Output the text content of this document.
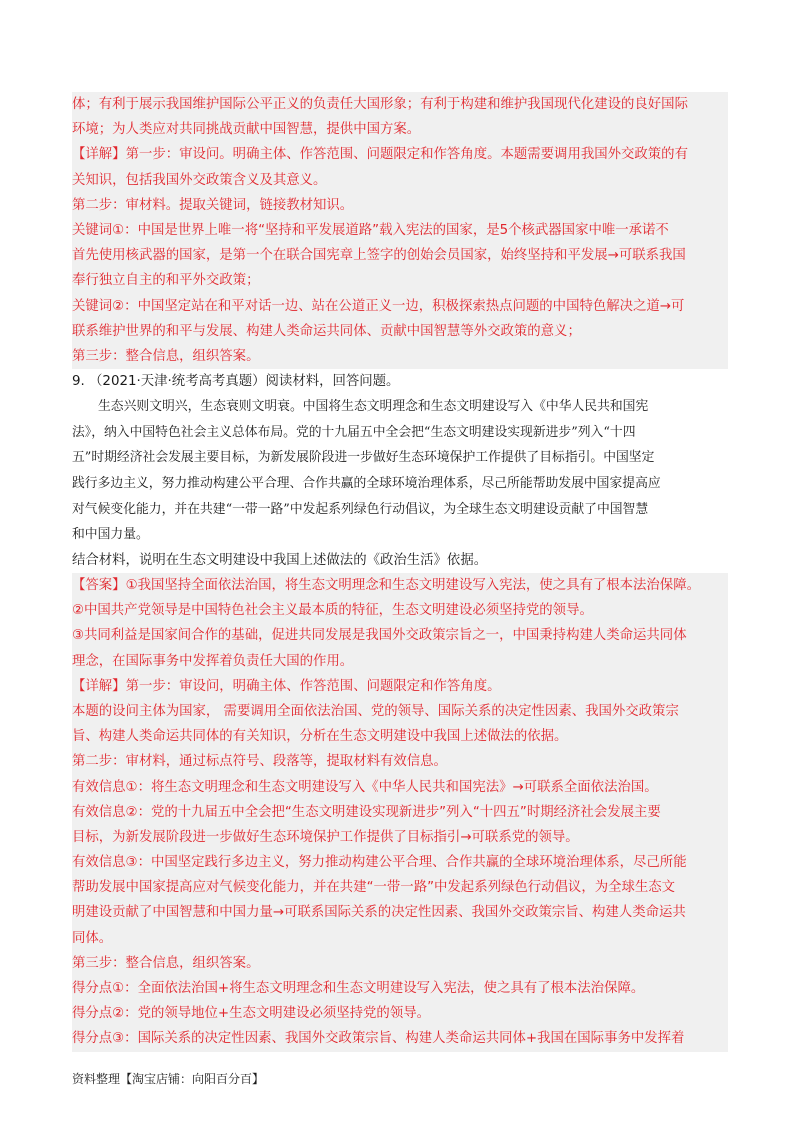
体；有利于展示我国维护国际公平正义的负责任大国形象；有利于构建和维护我国现代化建设的良好国际
环境；为人类应对共同挑战贡献中国智慧，提供中国方案。
【详解】第一步：审设问。明确主体、作答范围、问题限定和作答角度。本题需要调用我国外交政策的有
关知识，包括我国外交政策含义及其意义。
第二步：审材料。提取关键词，链接教材知识。
关键词①：中国是世界上唯一将“坚持和平发展道路”载入宪法的国家，是5个核武器国家中唯一承诺不
首先使用核武器的国家，是第一个在联合国宪章上签字的创始会员国家，始终坚持和平发展→可联系我国
奉行独立自主的和平外交政策；
关键词②：中国坚定站在和平对话一边、站在公道正义一边，积极探索热点问题的中国特色解决之道→可
联系维护世界的和平与发展、构建人类命运共同体、贡献中国智慧等外交政策的意义；
第三步：整合信息，组织答案。
9. （2021·天津·统考高考真题）阅读材料，回答问题。
生态兴则文明兴，生态衰则文明衰。中国将生态文明理念和生态文明建设写入《中华人民共和国宪
法》，纳入中国特色社会主义总体布局。党的十九届五中全会把“生态文明建设实现新进步”列入“十四
五”时期经济社会发展主要目标，为新发展阶段进一步做好生态环境保护工作提供了目标指引。中国坚定
践行多边主义，努力推动构建公平合理、合作共赢的全球环境治理体系，尽己所能帮助发展中国家提高应
对气候变化能力，并在共建“一带一路”中发起系列绿色行动倡议，为全球生态文明建设贡献了中国智慧
和中国力量。
结合材料，说明在生态文明建设中我国上述做法的《政治生活》依据。
【答案】①我国坚持全面依法治国，将生态文明理念和生态文明建设写入宪法，使之具有了根本法治保障。
②中国共产党领导是中国特色社会主义最本质的特征，生态文明建设必须坚持党的领导。
③共同利益是国家间合作的基础，促进共同发展是我国外交政策宗旨之一，中国秉持构建人类命运共同体
理念，在国际事务中发挥着负责任大国的作用。
【详解】第一步：审设问，明确主体、作答范围、问题限定和作答角度。
本题的设问主体为国家， 需要调用全面依法治国、党的领导、国际关系的决定性因素、我国外交政策宗
旨、构建人类命运共同体的有关知识，分析在生态文明建设中我国上述做法的依据。
第二步：审材料，通过标点符号、段落等，提取材料有效信息。
有效信息①：将生态文明理念和生态文明建设写入《中华人民共和国宪法》→可联系全面依法治国。
有效信息②：党的十九届五中全会把“生态文明建设实现新进步”列入“十四五”时期经济社会发展主要
目标，为新发展阶段进一步做好生态环境保护工作提供了目标指引→可联系党的领导。
有效信息③：中国坚定践行多边主义，努力推动构建公平合理、合作共赢的全球环境治理体系，尽己所能
帮助发展中国家提高应对气候变化能力，并在共建“一带一路”中发起系列绿色行动倡议，为全球生态文
明建设贡献了中国智慧和中国力量→可联系国际关系的决定性因素、我国外交政策宗旨、构建人类命运共
同体。
第三步：整合信息，组织答案。
得分点①：全面依法治国+将生态文明理念和生态文明建设写入宪法，使之具有了根本法治保障。
得分点②：党的领导地位+生态文明建设必须坚持党的领导。
得分点③：国际关系的决定性因素、我国外交政策宗旨、构建人类命运共同体+我国在国际事务中发挥着
资料整理【淘宝店铺：向阳百分百】
